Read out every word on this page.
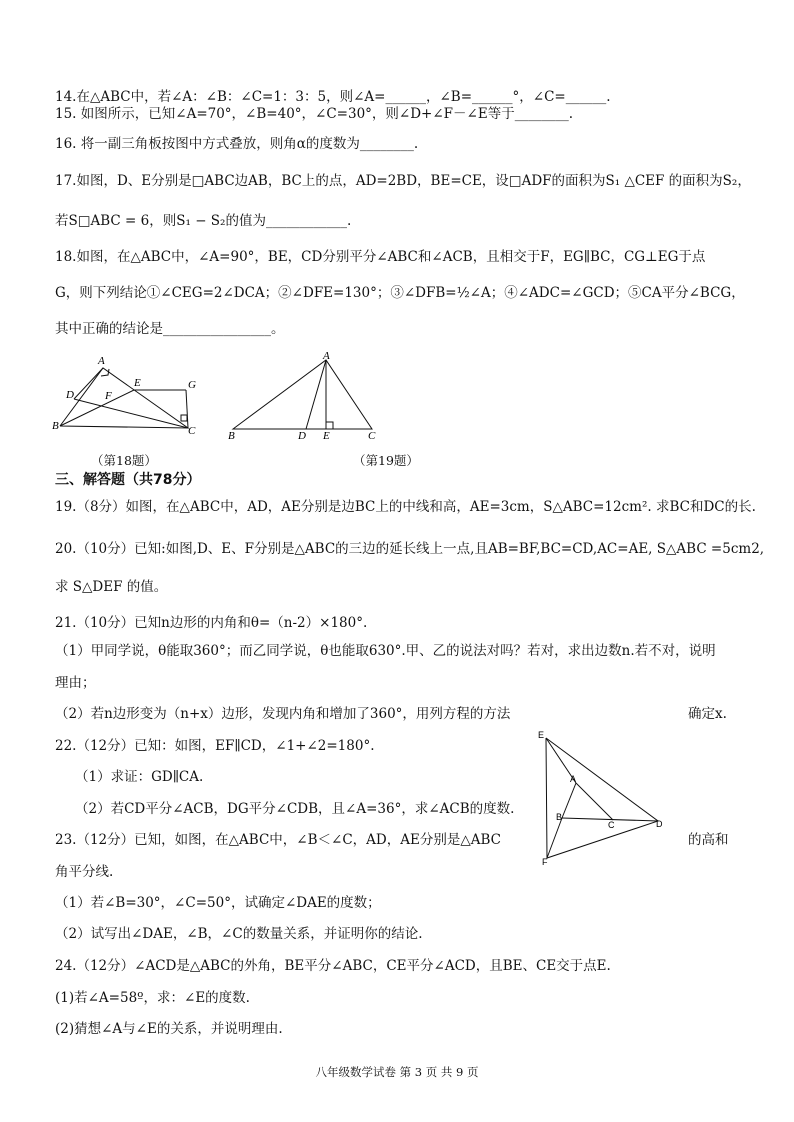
14.在△ABC中，若∠A：∠B：∠C=1：3：5，则∠A=______，∠B=______°，∠C=______.
15. 如图所示，已知∠A=70°，∠B=40°，∠C=30°，则∠D+∠F－∠E等于________.
16. 将一副三角板按图中方式叠放，则角α的度数为________.
17.如图，D、E分别是□ABC边AB，BC上的点，AD=2BD，BE=CE，设□ADF的面积为S₁ △CEF 的面积为S₂，
若S□ABC = 6，则S₁ − S₂的值为____________.
18.如图，在△ABC中，∠A=90°，BE，CD分别平分∠ABC和∠ACB，且相交于F，EG∥BC，CG⊥EG于点
G，则下列结论①∠CEG=2∠DCA；②∠DFE=130°；③∠DFB=½∠A；④∠ADC=∠GCD；⑤CA平分∠BCG，
其中正确的结论是________________。
A
B	C
D
E
F
G
（第18题）
A
B	C
D E
（第19题）
三、解答题（共78分）
19.（8分）如图，在△ABC中，AD，AE分别是边BC上的中线和高，AE=3cm，S△ABC=12cm². 求BC和DC的长.
20.（10分）已知:如图,D、E、F分别是△ABC的三边的延长线上一点,且AB=BF,BC=CD,AC=AE, S△ABC =5cm2,
求 S△DEF 的值。
21.（10分）已知n边形的内角和θ=（n-2）×180°.
（1）甲同学说，θ能取360°；而乙同学说，θ也能取630°.甲、乙的说法对吗？若对，求出边数n.若不对，说明
理由；
（2）若n边形变为（n+x）边形，发现内角和增加了360°，用列方程的方法	确定x.
22.（12分）已知：如图，EF∥CD，∠1+∠2=180°.
（1）求证：GD∥CA.
（2）若CD平分∠ACB，DG平分∠CDB，且∠A=36°，求∠ACB的度数.
23.（12分）已知，如图，在△ABC中，∠B＜∠C，AD，AE分别是△ABC	的高和
角平分线.
（1）若∠B=30°，∠C=50°，试确定∠DAE的度数；
（2）试写出∠DAE，∠B，∠C的数量关系，并证明你的结论.
24.（12分）∠ACD是△ABC的外角，BE平分∠ABC，CE平分∠ACD，且BE、CE交于点E.
(1)若∠A=58º，求：∠E的度数.
(2)猜想∠A与∠E的关系，并说明理由.
E
A
B
C	D
F
八年级数学试卷 第 3 页 共 9 页
